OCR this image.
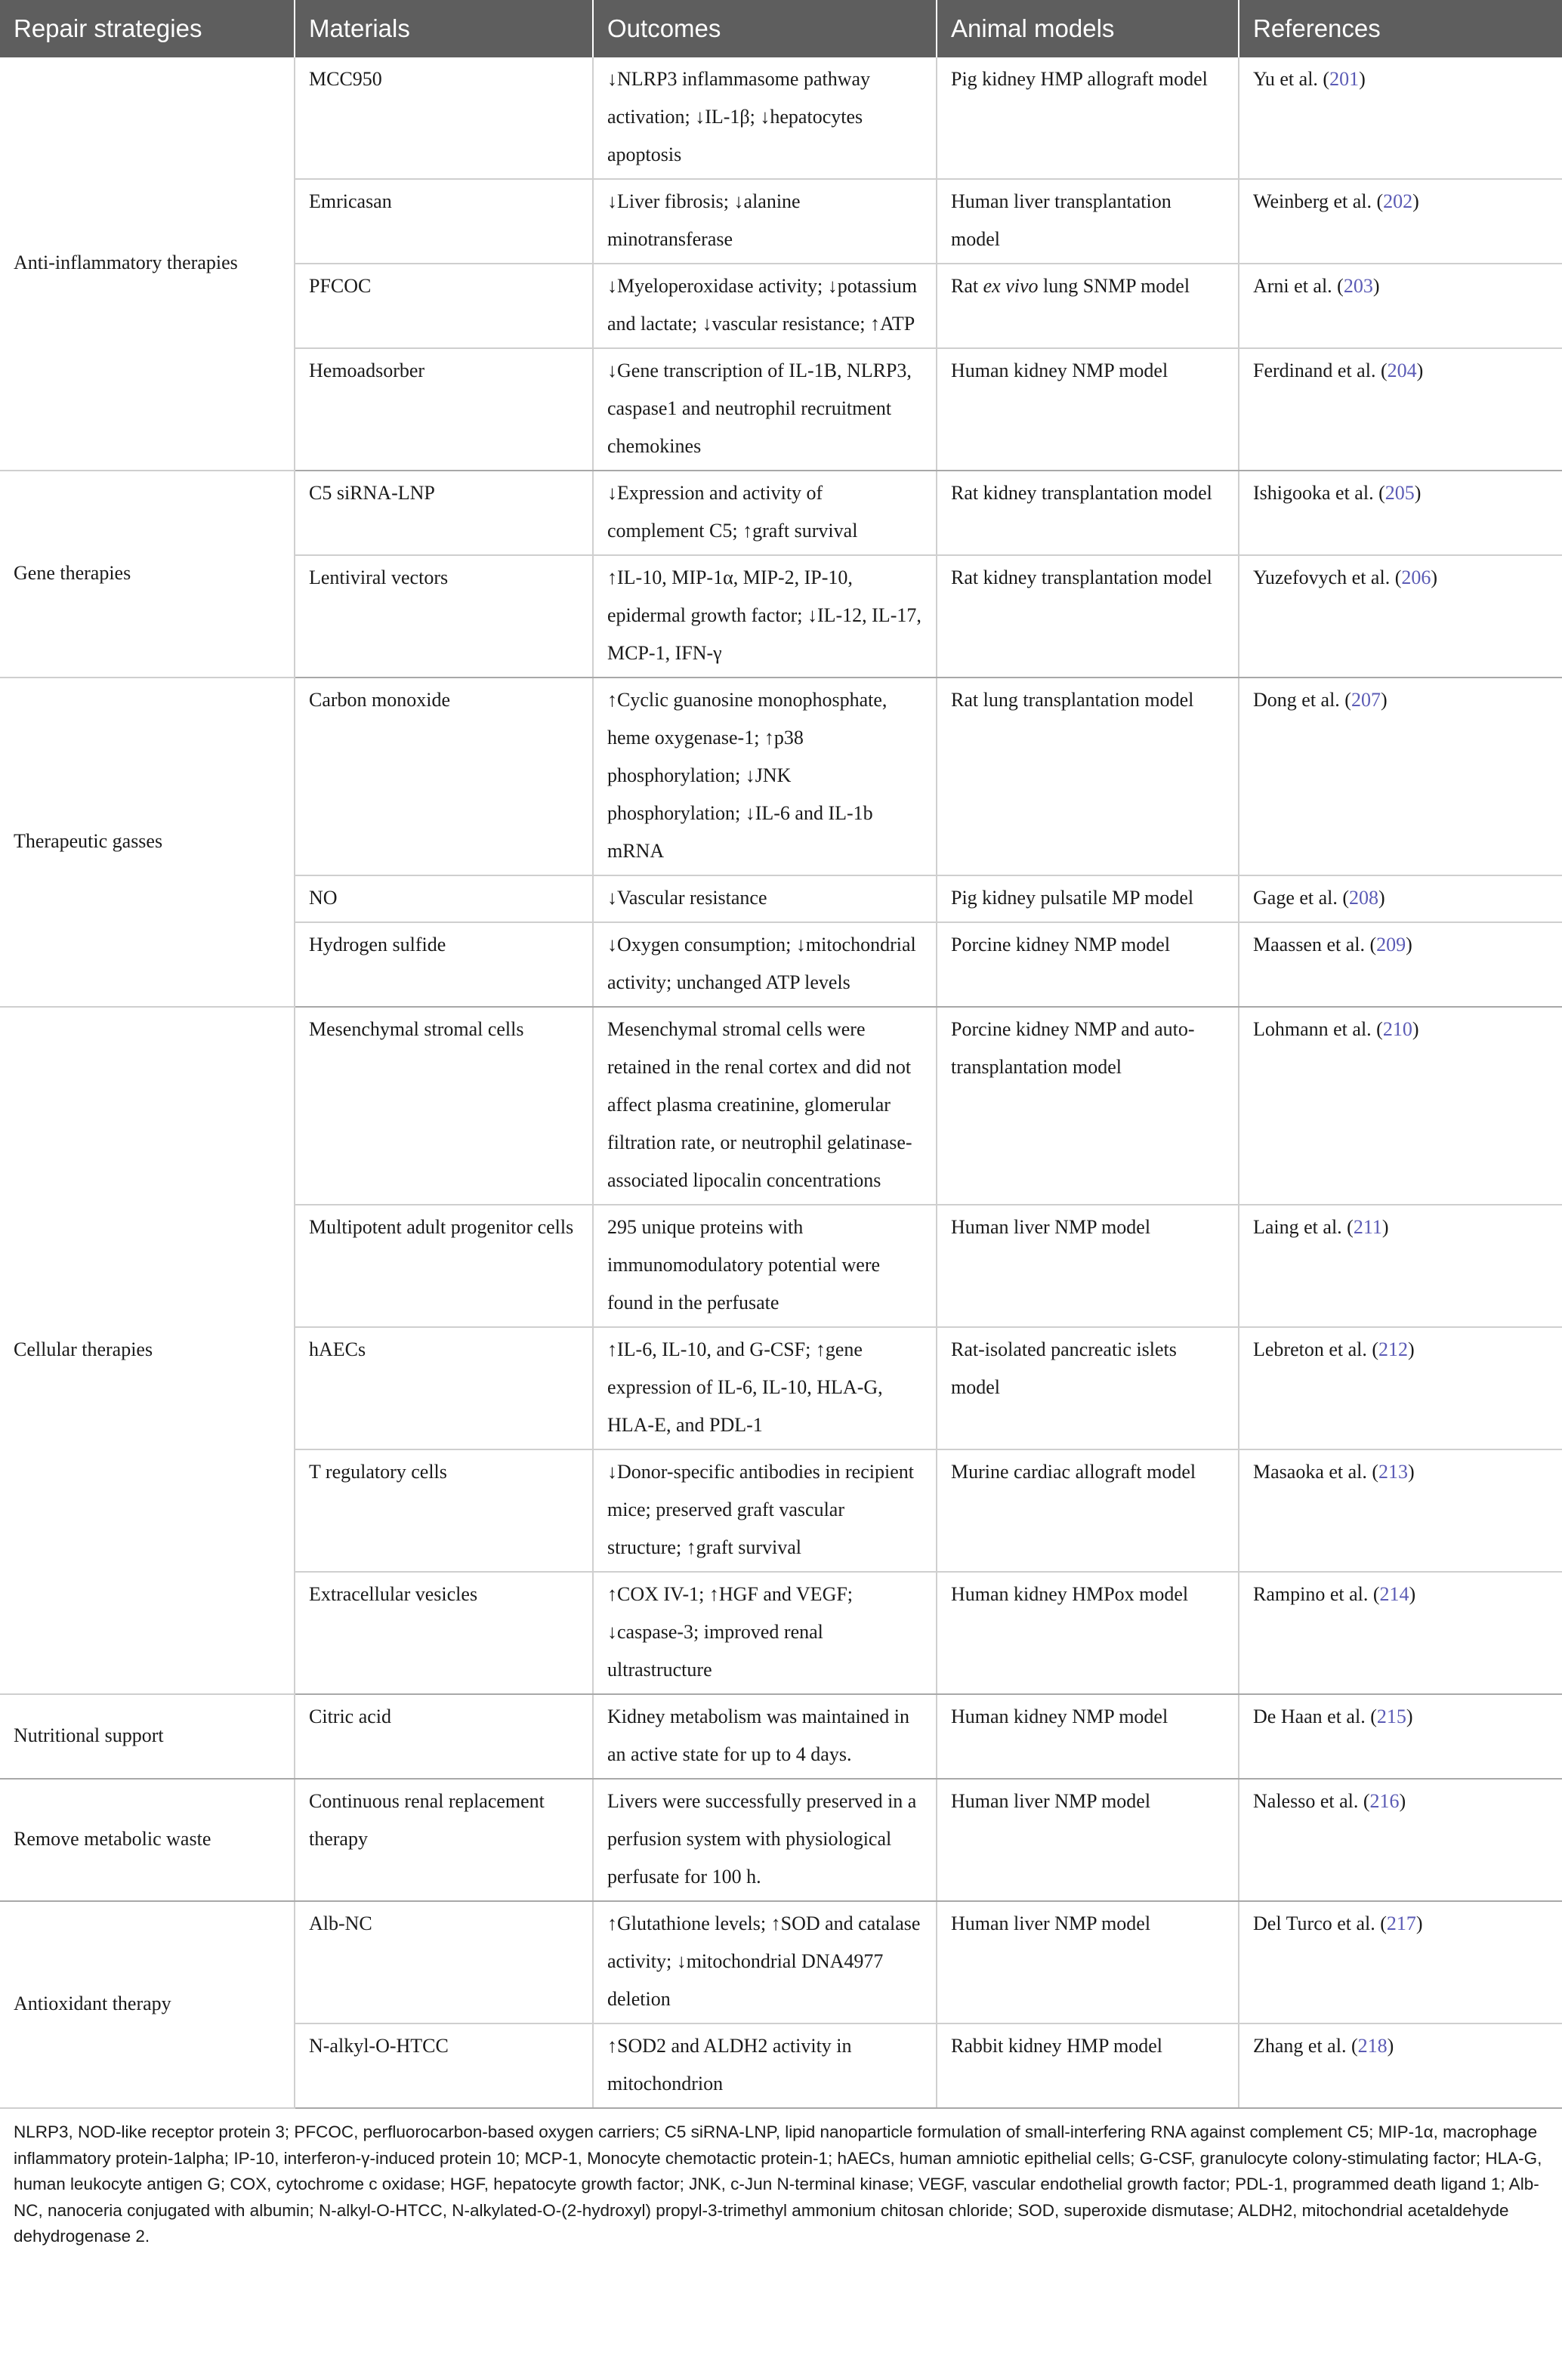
Repair strategies	Materials	Outcomes	Animal models	References
Anti-inflammatory therapies	MCC950	↓NLRP3 inflammasome pathway activation; ↓IL-1β; ↓hepatocytes apoptosis	Pig kidney HMP allograft model	Yu et al. (201)
	Emricasan	↓Liver fibrosis; ↓alanine minotransferase	Human liver transplantation model	Weinberg et al. (202)
	PFCOC	↓Myeloperoxidase activity; ↓potassium and lactate; ↓vascular resistance; ↑ATP	Rat ex vivo lung SNMP model	Arni et al. (203)
	Hemoadsorber	↓Gene transcription of IL-1B, NLRP3, caspase1 and neutrophil recruitment chemokines	Human kidney NMP model	Ferdinand et al. (204)
Gene therapies	C5 siRNA-LNP	↓Expression and activity of complement C5; ↑graft survival	Rat kidney transplantation model	Ishigooka et al. (205)
	Lentiviral vectors	↑IL-10, MIP-1α, MIP-2, IP-10, epidermal growth factor; ↓IL-12, IL-17, MCP-1, IFN-γ	Rat kidney transplantation model	Yuzefovych et al. (206)
Therapeutic gasses	Carbon monoxide	↑Cyclic guanosine monophosphate, heme oxygenase-1; ↑p38 phosphorylation; ↓JNK phosphorylation; ↓IL-6 and IL-1b mRNA	Rat lung transplantation model	Dong et al. (207)
	NO	↓Vascular resistance	Pig kidney pulsatile MP model	Gage et al. (208)
	Hydrogen sulfide	↓Oxygen consumption; ↓mitochondrial activity; unchanged ATP levels	Porcine kidney NMP model	Maassen et al. (209)
Cellular therapies	Mesenchymal stromal cells	Mesenchymal stromal cells were retained in the renal cortex and did not affect plasma creatinine, glomerular filtration rate, or neutrophil gelatinase-associated lipocalin concentrations	Porcine kidney NMP and auto-transplantation model	Lohmann et al. (210)
	Multipotent adult progenitor cells	295 unique proteins with immunomodulatory potential were found in the perfusate	Human liver NMP model	Laing et al. (211)
	hAECs	↑IL-6, IL-10, and G-CSF; ↑gene expression of IL-6, IL-10, HLA-G, HLA-E, and PDL-1	Rat-isolated pancreatic islets model	Lebreton et al. (212)
	T regulatory cells	↓Donor-specific antibodies in recipient mice; preserved graft vascular structure; ↑graft survival	Murine cardiac allograft model	Masaoka et al. (213)
	Extracellular vesicles	↑COX IV-1; ↑HGF and VEGF; ↓caspase-3; improved renal ultrastructure	Human kidney HMPox model	Rampino et al. (214)
Nutritional support	Citric acid	Kidney metabolism was maintained in an active state for up to 4 days.	Human kidney NMP model	De Haan et al. (215)
Remove metabolic waste	Continuous renal replacement therapy	Livers were successfully preserved in a perfusion system with physiological perfusate for 100 h.	Human liver NMP model	Nalesso et al. (216)
Antioxidant therapy	Alb-NC	↑Glutathione levels; ↑SOD and catalase activity; ↓mitochondrial DNA4977 deletion	Human liver NMP model	Del Turco et al. (217)
	N-alkyl-O-HTCC	↑SOD2 and ALDH2 activity in mitochondrion	Rabbit kidney HMP model	Zhang et al. (218)
NLRP3, NOD-like receptor protein 3; PFCOC, perfluorocarbon-based oxygen carriers; C5 siRNA-LNP, lipid nanoparticle formulation of small-interfering RNA against complement C5; MIP-1α, macrophage inflammatory protein-1alpha; IP-10, interferon-γ-induced protein 10; MCP-1, Monocyte chemotactic protein-1; hAECs, human amniotic epithelial cells; G-CSF, granulocyte colony-stimulating factor; HLA-G, human leukocyte antigen G; COX, cytochrome c oxidase; HGF, hepatocyte growth factor; JNK, c-Jun N-terminal kinase; VEGF, vascular endothelial growth factor; PDL-1, programmed death ligand 1; Alb-NC, nanoceria conjugated with albumin; N-alkyl-O-HTCC, N-alkylated-O-(2-hydroxyl) propyl-3-trimethyl ammonium chitosan chloride; SOD, superoxide dismutase; ALDH2, mitochondrial acetaldehyde dehydrogenase 2.
